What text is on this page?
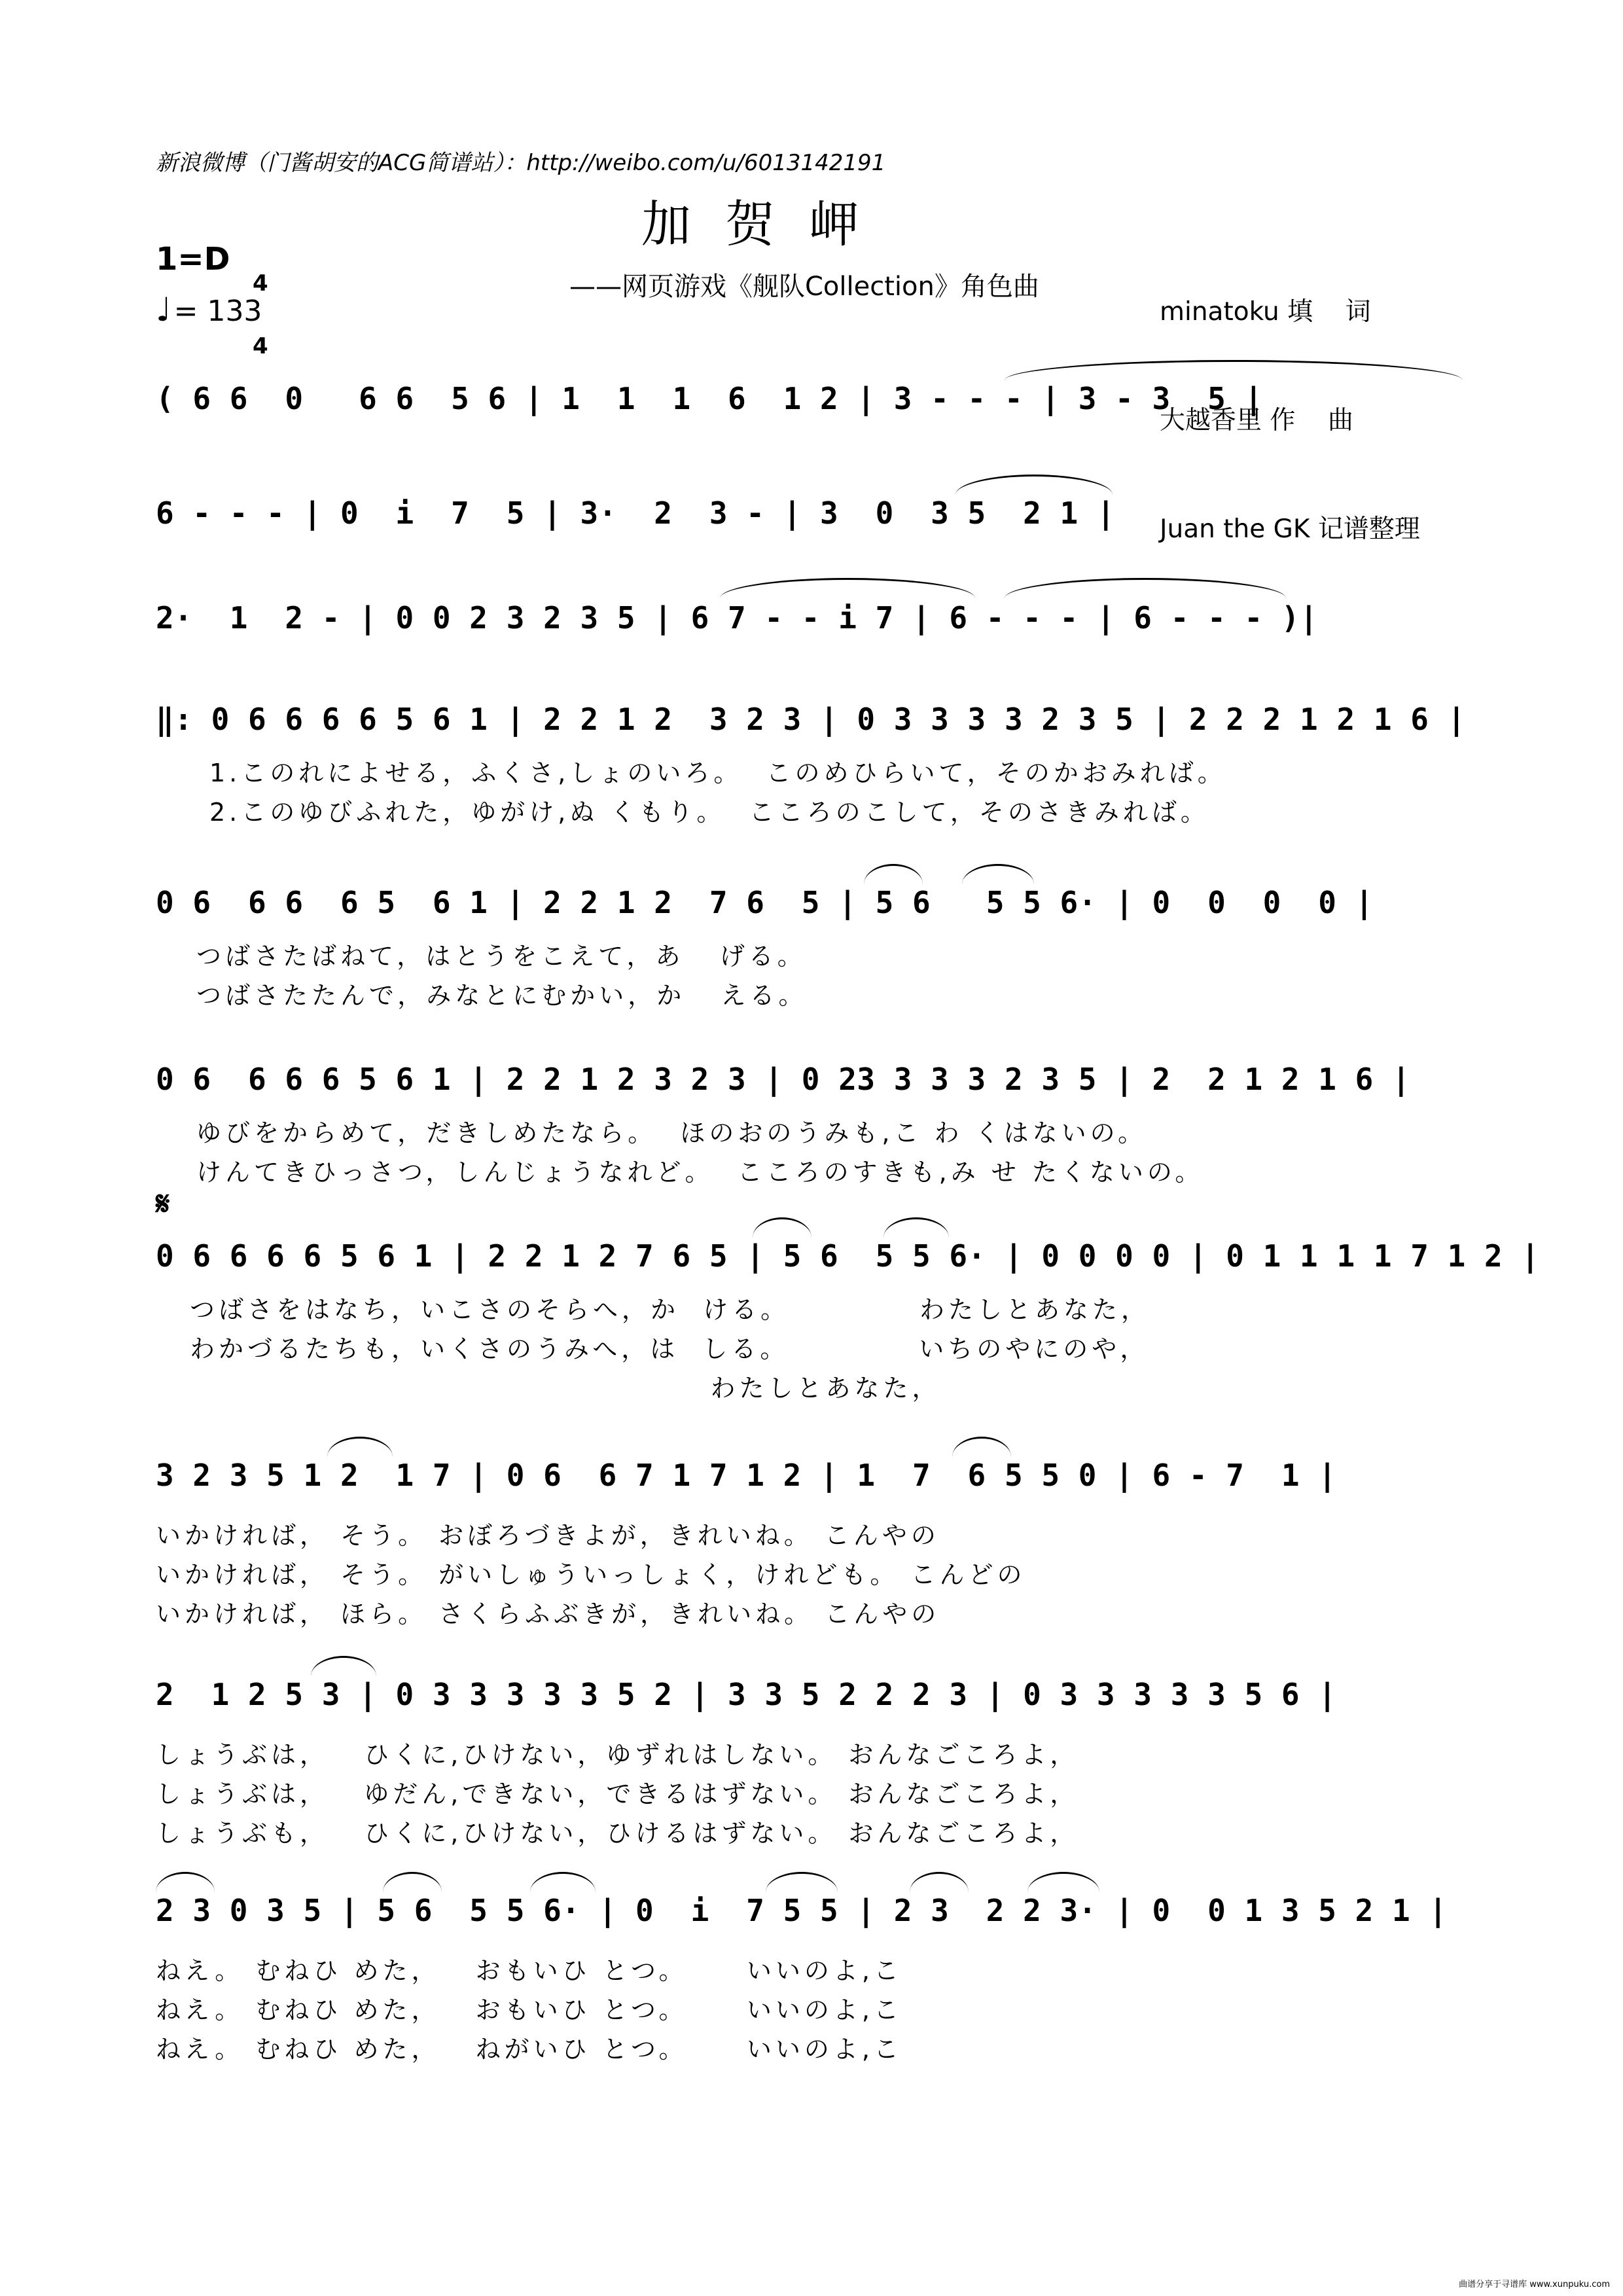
新浪微博（门酱胡安的ACG简谱站）：http://weibo.com/u/6013142191
加贺岬
——网页游戏《舰队Collection》角色曲
1=D

4

4

♩= 133

	minatoku 填    词

大越香里 作    曲

Juan the GK 记谱整理

( 6 6  0   6 6  5 6 | 1  1  1  6  1 2 | 3 - - - | 3 - 3  5 |
6 - - - | 0  i  7  5 | 3·  2  3 - | 3  0  3 5  2 1 |
2·  1  2 - | 0 0 2 3 2 3 5 | 6 7 - - i 7 | 6 - - - | 6 - - - )|
‖: 0 6 6 6 6 5 6 1 | 2 2 1 2  3 2 3 | 0 3 3 3 3 2 3 5 | 2 2 2 1 2 1 6 |
1.このれによせる，ふくさ,しょのいろ。  このめひらいて，そのかおみれば。
2.このゆびふれた，ゆがけ,ぬ くもり。  こころのこして，そのさきみれば。
0 6  6 6  6 5  6 1 | 2 2 1 2  7 6  5 | 5 6   5 5 6· | 0  0  0  0 |
つばさたばねて，はとうをこえて，あ   げる。
つばさたたんで，みなとにむかい，か   える。
0 6  6 6 6 5 6 1 | 2 2 1 2 3 2 3 | 0 23 3 3 3 2 3 5 | 2  2 1 2 1 6 |
ゆびをからめて，だきしめたなら。  ほのおのうみも,こ わ くはないの。
けんてきひっさつ，しんじょうなれど。  こころのすきも,み せ たくないの。
𝄋
0 6 6 6 6 5 6 1 | 2 2 1 2 7 6 5 | 5 6  5 5 6· | 0 0 0 0 | 0 1 1 1 1 7 1 2 |
つばさをはなち，いこさのそらへ，か  ける。           わたしとあなた，
わかづるたちも，いくさのうみへ，は  しる。           いちのやにのや，
わたしとあなた，
3 2 3 5 1 2  1 7 | 0 6  6 7 1 7 1 2 | 1  7  6 5 5 0 | 6 - 7  1 |
いかければ， そう。 おぼろづきよが，きれいね。 こんやの
いかければ， そう。 がいしゅういっしょく，けれども。 こんどの
いかければ， ほら。 さくらふぶきが，きれいね。 こんやの
2  1 2 5 3 | 0 3 3 3 3 3 5 2 | 3 3 5 2 2 2 3 | 0 3 3 3 3 3 5 6 |
しょうぶは，   ひくに,ひけない，ゆずれはしない。 おんなごころよ，
しょうぶは，   ゆだん,できない，できるはずない。 おんなごころよ，
しょうぶも，   ひくに,ひけない，ひけるはずない。 おんなごころよ，
2 3 0 3 5 | 5 6  5 5 6· | 0  i  7 5 5 | 2 3  2 2 3· | 0  0 1 3 5 2 1 |
ねえ。 むねひ めた，   おもいひ とつ。     いいのよ,こ
ねえ。 むねひ めた，   おもいひ とつ。     いいのよ,こ
ねえ。 むねひ めた，   ねがいひ とつ。     いいのよ,こ
曲谱分享于寻谱库 www.xunpuku.com
